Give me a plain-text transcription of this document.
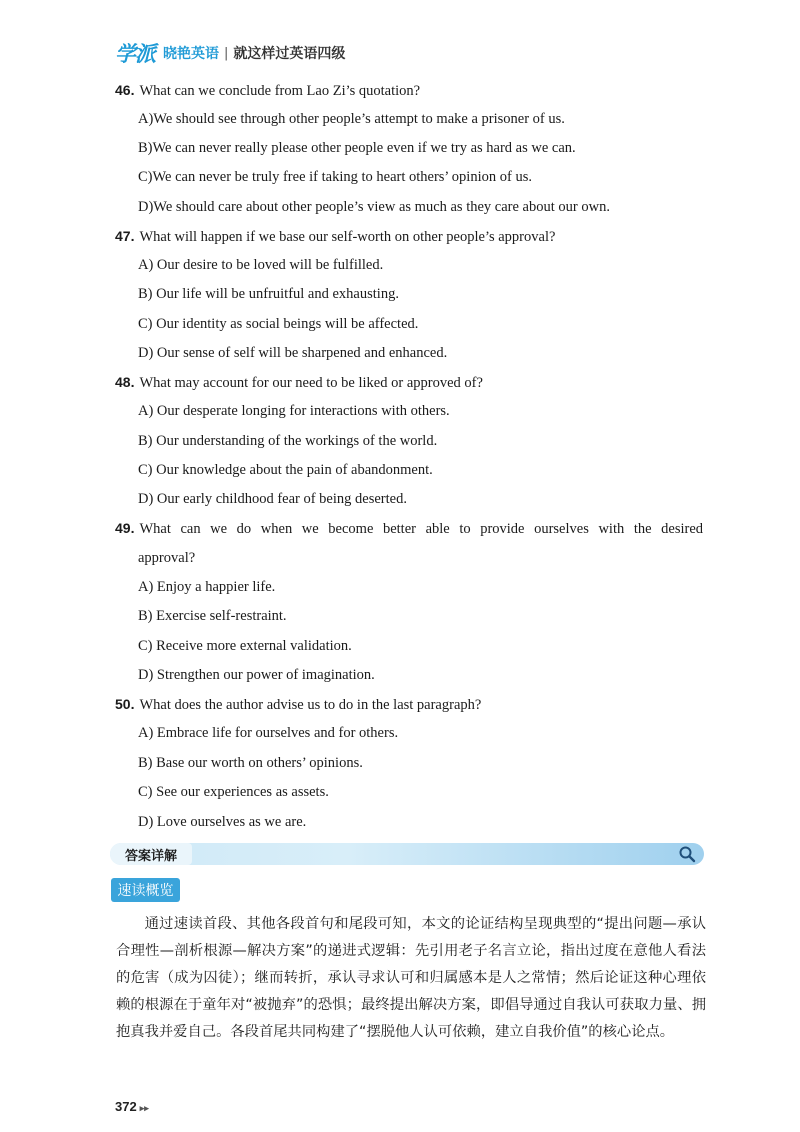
学派 晓艳英语 | 就这样过英语四级
46. What can we conclude from Lao Zi’s quotation?
A)We should see through other people’s attempt to make a prisoner of us.
B)We can never really please other people even if we try as hard as we can.
C)We can never be truly free if taking to heart others’ opinion of us.
D)We should care about other people’s view as much as they care about our own.
47. What will happen if we base our self-worth on other people’s approval?
A) Our desire to be loved will be fulfilled.
B) Our life will be unfruitful and exhausting.
C) Our identity as social beings will be affected.
D) Our sense of self will be sharpened and enhanced.
48. What may account for our need to be liked or approved of?
A) Our desperate longing for interactions with others.
B) Our understanding of the workings of the world.
C) Our knowledge about the pain of abandonment.
D) Our early childhood fear of being deserted.
49. What can we do when we become better able to provide ourselves with the desired
approval?
A) Enjoy a happier life.
B) Exercise self-restraint.
C) Receive more external validation.
D) Strengthen our power of imagination.
50. What does the author advise us to do in the last paragraph?
A) Embrace life for ourselves and for others.
B) Base our worth on others’ opinions.
C) See our experiences as assets.
D) Love ourselves as we are.
答案详解
速读概览
通过速读首段、其他各段首句和尾段可知，本文的论证结构呈现典型的“提出问题—承认合理性—剖析根源—解决方案”的递进式逻辑：先引用老子名言立论，指出过度在意他人看法的危害（成为囚徒）；继而转折，承认寻求认可和归属感本是人之常情；然后论证这种心理依赖的根源在于童年对“被抛弃”的恐惧；最终提出解决方案，即倡导通过自我认可获取力量、拥抱真我并爱自己。各段首尾共同构建了“摆脱他人认可依赖，建立自我价值”的核心论点。
372 ▸▸
